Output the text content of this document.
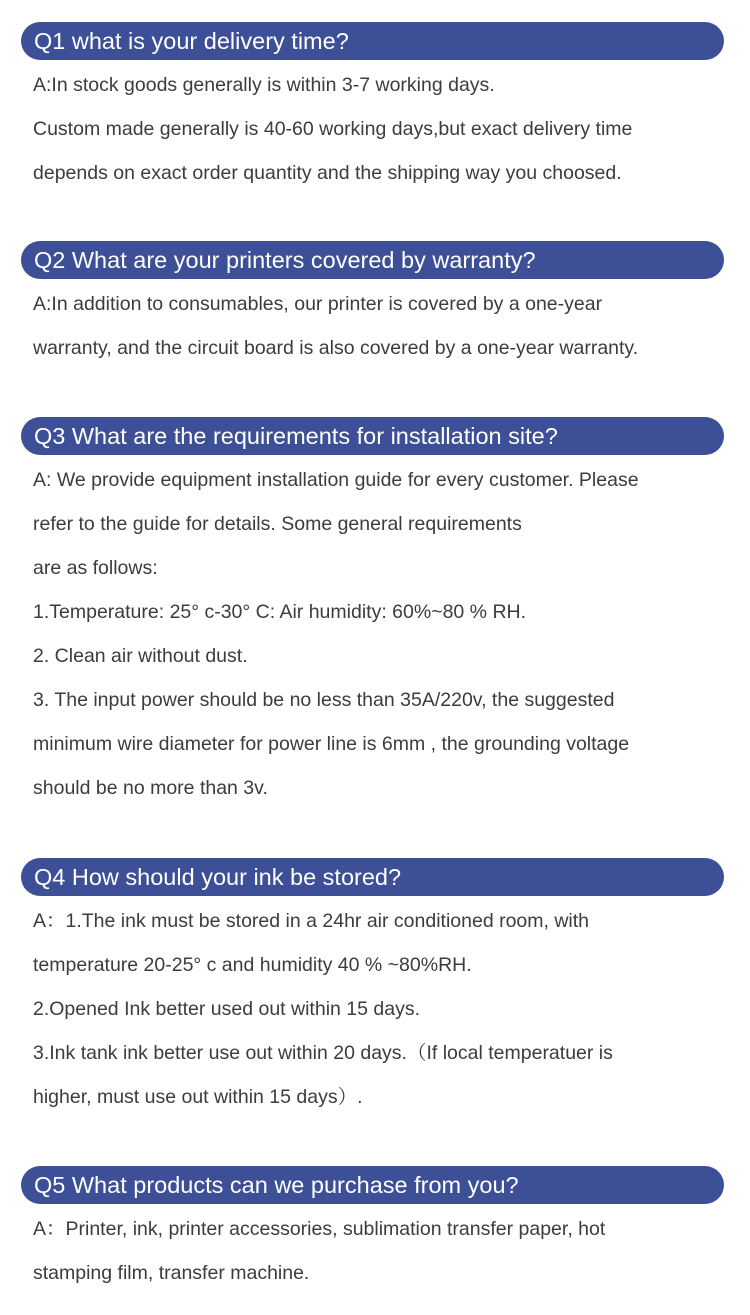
Q1 what is your delivery time?
A:In stock goods generally is within 3-7 working days.
Custom made generally is 40-60 working days,but exact delivery time
depends on exact order quantity and the shipping way you choosed.
Q2 What are your printers covered by warranty?
A:In addition to consumables, our printer is covered by a one-year
warranty, and the circuit board is also covered by a one-year warranty.
Q3 What are the requirements for installation site?
A: We provide equipment installation guide for every customer. Please
refer to the guide for details. Some general requirements
are as follows:
1.Temperature: 25° c-30° C: Air humidity: 60%~80 % RH.
2. Clean air without dust.
3. The input power should be no less than 35A/220v, the suggested
minimum wire diameter for power line is 6mm , the grounding voltage
should be no more than 3v.
Q4 How should your ink be stored?
A：1.The ink must be stored in a 24hr air conditioned room, with
temperature 20-25° c and humidity 40 % ~80%RH.
2.Opened Ink better used out within 15 days.
3.Ink tank ink better use out within 20 days.（If local temperatuer is
higher, must use out within 15 days）.
Q5 What products can we purchase from you?
A：Printer, ink, printer accessories, sublimation transfer paper, hot
stamping film, transfer machine.
